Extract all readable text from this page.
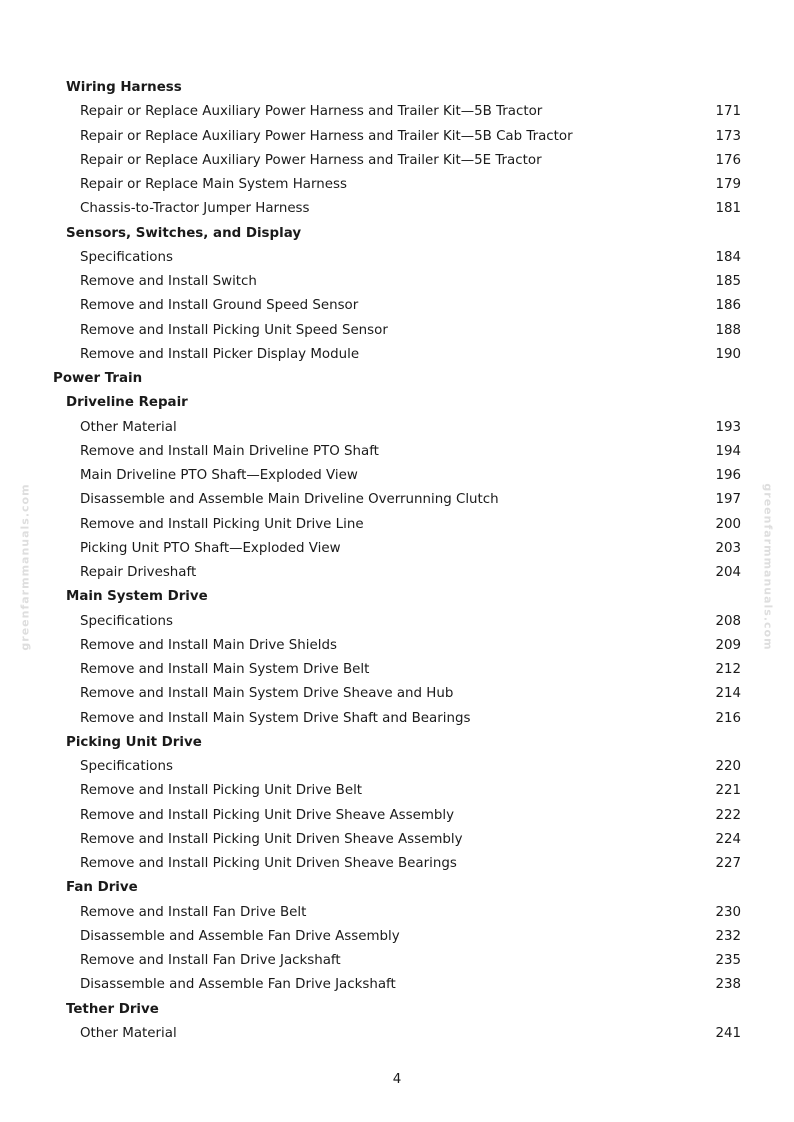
Wiring Harness
Repair or Replace Auxiliary Power Harness and Trailer Kit—5B Tractor	171
Repair or Replace Auxiliary Power Harness and Trailer Kit—5B Cab Tractor	173
Repair or Replace Auxiliary Power Harness and Trailer Kit—5E Tractor	176
Repair or Replace Main System Harness	179
Chassis-to-Tractor Jumper Harness	181
Sensors, Switches, and Display
Specifications	184
Remove and Install Switch	185
Remove and Install Ground Speed Sensor	186
Remove and Install Picking Unit Speed Sensor	188
Remove and Install Picker Display Module	190
Power Train
Driveline Repair
Other Material	193
Remove and Install Main Driveline PTO Shaft	194
Main Driveline PTO Shaft—Exploded View	196
Disassemble and Assemble Main Driveline Overrunning Clutch	197
Remove and Install Picking Unit Drive Line	200
Picking Unit PTO Shaft—Exploded View	203
Repair Driveshaft	204
Main System Drive
Specifications	208
Remove and Install Main Drive Shields	209
Remove and Install Main System Drive Belt	212
Remove and Install Main System Drive Sheave and Hub	214
Remove and Install Main System Drive Shaft and Bearings	216
Picking Unit Drive
Specifications	220
Remove and Install Picking Unit Drive Belt	221
Remove and Install Picking Unit Drive Sheave Assembly	222
Remove and Install Picking Unit Driven Sheave Assembly	224
Remove and Install Picking Unit Driven Sheave Bearings	227
Fan Drive
Remove and Install Fan Drive Belt	230
Disassemble and Assemble Fan Drive Assembly	232
Remove and Install Fan Drive Jackshaft	235
Disassemble and Assemble Fan Drive Jackshaft	238
Tether Drive
Other Material	241
greenfarmmanuals.com	greenfarmmanuals.com
4
